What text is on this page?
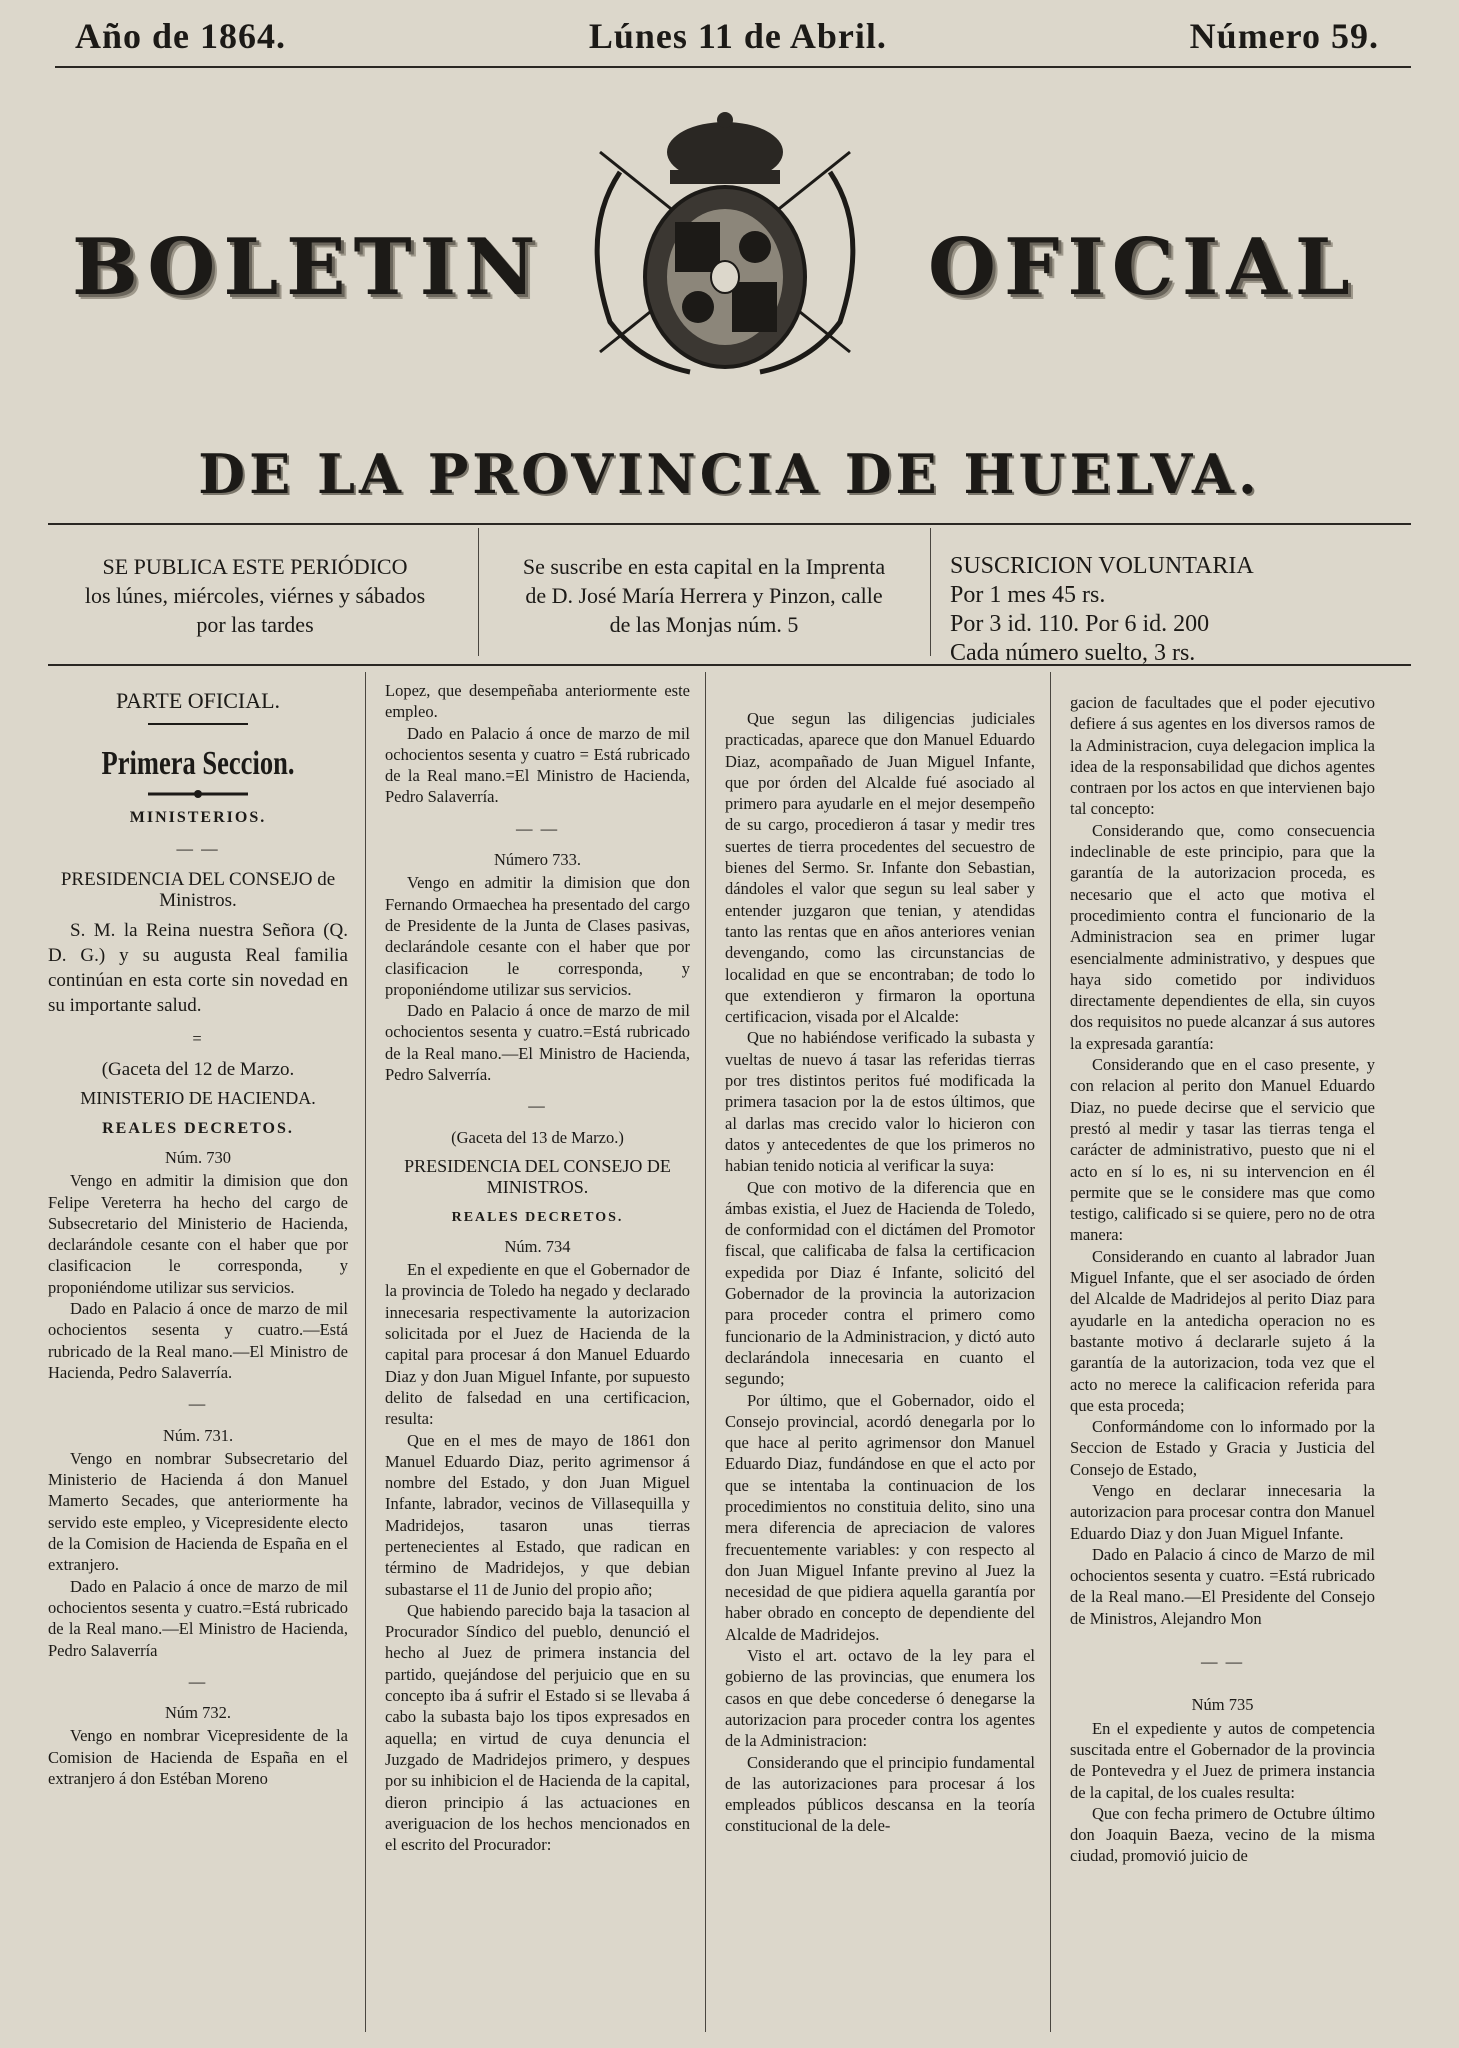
Año de 1864.	Lúnes 11 de Abril.	Número 59.
BOLETIN	OFICIAL
DE LA PROVINCIA DE HUELVA.
SE PUBLICA ESTE PERIÓDICO
los lúnes, miércoles, viérnes y sábados
por las tardes
Se suscribe en esta capital en la Imprenta
de D. José María Herrera y Pinzon, calle
de las Monjas núm. 5
SUSCRICION VOLUNTARIA
Por 1 mes 45 rs.
Por 3 id. 110. Por 6 id. 200
Cada número suelto, 3 rs.
PARTE OFICIAL.
Primera Seccion.
MINISTERIOS.
— —
PRESIDENCIA DEL CONSEJO de Ministros.

S. M. la Reina nuestra Señora (Q. D. G.) y su augusta Real familia continúan en esta corte sin novedad en su importante salud.

=
(Gaceta del 12 de Marzo.
MINISTERIO DE HACIENDA.
REALES DECRETOS.
Núm. 730

Vengo en admitir la dimision que don Felipe Vereterra ha hecho del cargo de Subsecretario del Ministerio de Hacienda, declarándole cesante con el haber que por clasificacion le corresponda, y proponiéndome utilizar sus servicios.

Dado en Palacio á once de marzo de mil ochocientos sesenta y cuatro.—Está rubricado de la Real mano.—El Ministro de Hacienda, Pedro Salaverría.

—
Núm. 731.

Vengo en nombrar Subsecretario del Ministerio de Hacienda á don Manuel Mamerto Secades, que anteriormente ha servido este empleo, y Vicepresidente electo de la Comision de Hacienda de España en el extranjero.

Dado en Palacio á once de marzo de mil ochocientos sesenta y cuatro.=Está rubricado de la Real mano.—El Ministro de Hacienda, Pedro Salaverría

—
Núm 732.

Vengo en nombrar Vicepresidente de la Comision de Hacienda de España en el extranjero á don Estéban Moreno

Lopez, que desempeñaba anteriormente este empleo.

Dado en Palacio á once de marzo de mil ochocientos sesenta y cuatro = Está rubricado de la Real mano.=El Ministro de Hacienda, Pedro Salaverría.

— —
Número 733.

Vengo en admitir la dimision que don Fernando Ormaechea ha presentado del cargo de Presidente de la Junta de Clases pasivas, declarándole cesante con el haber que por clasificacion le corresponda, y proponiéndome utilizar sus servicios.

Dado en Palacio á once de marzo de mil ochocientos sesenta y cuatro.=Está rubricado de la Real mano.—El Ministro de Hacienda, Pedro Salverría.

—
(Gaceta del 13 de Marzo.)
PRESIDENCIA DEL CONSEJO DE MINISTROS.
REALES DECRETOS.
Núm. 734

En el expediente en que el Gobernador de la provincia de Toledo ha negado y declarado innecesaria respectivamente la autorizacion solicitada por el Juez de Hacienda de la capital para procesar á don Manuel Eduardo Diaz y don Juan Miguel Infante, por supuesto delito de falsedad en una certificacion, resulta:

Que en el mes de mayo de 1861 don Manuel Eduardo Diaz, perito agrimensor á nombre del Estado, y don Juan Miguel Infante, labrador, vecinos de Villasequilla y Madridejos, tasaron unas tierras pertenecientes al Estado, que radican en término de Madridejos, y que debian subastarse el 11 de Junio del propio año;

Que habiendo parecido baja la tasacion al Procurador Síndico del pueblo, denunció el hecho al Juez de primera instancia del partido, quejándose del perjuicio que en su concepto iba á sufrir el Estado si se llevaba á cabo la subasta bajo los tipos expresados en aquella; en virtud de cuya denuncia el Juzgado de Madridejos primero, y despues por su inhibicion el de Hacienda de la capital, dieron principio á las actuaciones en averiguacion de los hechos mencionados en el escrito del Procurador:

Que segun las diligencias judiciales practicadas, aparece que don Manuel Eduardo Diaz, acompañado de Juan Miguel Infante, que por órden del Alcalde fué asociado al primero para ayudarle en el mejor desempeño de su cargo, procedieron á tasar y medir tres suertes de tierra procedentes del secuestro de bienes del Sermo. Sr. Infante don Sebastian, dándoles el valor que segun su leal saber y entender juzgaron que tenian, y atendidas tanto las rentas que en años anteriores venian devengando, como las circunstancias de localidad en que se encontraban; de todo lo que extendieron y firmaron la oportuna certificacion, visada por el Alcalde:

Que no habiéndose verificado la subasta y vueltas de nuevo á tasar las referidas tierras por tres distintos peritos fué modificada la primera tasacion por la de estos últimos, que al darlas mas crecido valor lo hicieron con datos y antecedentes de que los primeros no habian tenido noticia al verificar la suya:

Que con motivo de la diferencia que en ámbas existia, el Juez de Hacienda de Toledo, de conformidad con el dictámen del Promotor fiscal, que calificaba de falsa la certificacion expedida por Diaz é Infante, solicitó del Gobernador de la provincia la autorizacion para proceder contra el primero como funcionario de la Administracion, y dictó auto declarándola innecesaria en cuanto el segundo;

Por último, que el Gobernador, oido el Consejo provincial, acordó denegarla por lo que hace al perito agrimensor don Manuel Eduardo Diaz, fundándose en que el acto por que se intentaba la continuacion de los procedimientos no constituia delito, sino una mera diferencia de apreciacion de valores frecuentemente variables: y con respecto al don Juan Miguel Infante previno al Juez la necesidad de que pidiera aquella garantía por haber obrado en concepto de dependiente del Alcalde de Madridejos.

Visto el art. octavo de la ley para el gobierno de las provincias, que enumera los casos en que debe concederse ó denegarse la autorizacion para proceder contra los agentes de la Administracion:

Considerando que el principio fundamental de las autorizaciones para procesar á los empleados públicos descansa en la teoría constitucional de la dele-

gacion de facultades que el poder ejecutivo defiere á sus agentes en los diversos ramos de la Administracion, cuya delegacion implica la idea de la responsabilidad que dichos agentes contraen por los actos en que intervienen bajo tal concepto:

Considerando que, como consecuencia indeclinable de este principio, para que la garantía de la autorizacion proceda, es necesario que el acto que motiva el procedimiento contra el funcionario de la Administracion sea en primer lugar esencialmente administrativo, y despues que haya sido cometido por individuos directamente dependientes de ella, sin cuyos dos requisitos no puede alcanzar á sus autores la expresada garantía:

Considerando que en el caso presente, y con relacion al perito don Manuel Eduardo Diaz, no puede decirse que el servicio que prestó al medir y tasar las tierras tenga el carácter de administrativo, puesto que ni el acto en sí lo es, ni su intervencion en él permite que se le considere mas que como testigo, calificado si se quiere, pero no de otra manera:

Considerando en cuanto al labrador Juan Miguel Infante, que el ser asociado de órden del Alcalde de Madridejos al perito Diaz para ayudarle en la antedicha operacion no es bastante motivo á declararle sujeto á la garantía de la autorizacion, toda vez que el acto no merece la calificacion referida para que esta proceda;

Conformándome con lo informado por la Seccion de Estado y Gracia y Justicia del Consejo de Estado,

Vengo en declarar innecesaria la autorizacion para procesar contra don Manuel Eduardo Diaz y don Juan Miguel Infante.

Dado en Palacio á cinco de Marzo de mil ochocientos sesenta y cuatro. =Está rubricado de la Real mano.—El Presidente del Consejo de Ministros, Alejandro Mon

— —
Núm 735

En el expediente y autos de competencia suscitada entre el Gobernador de la provincia de Pontevedra y el Juez de primera instancia de la capital, de los cuales resulta:

Que con fecha primero de Octubre último don Joaquin Baeza, vecino de la misma ciudad, promovió juicio de
